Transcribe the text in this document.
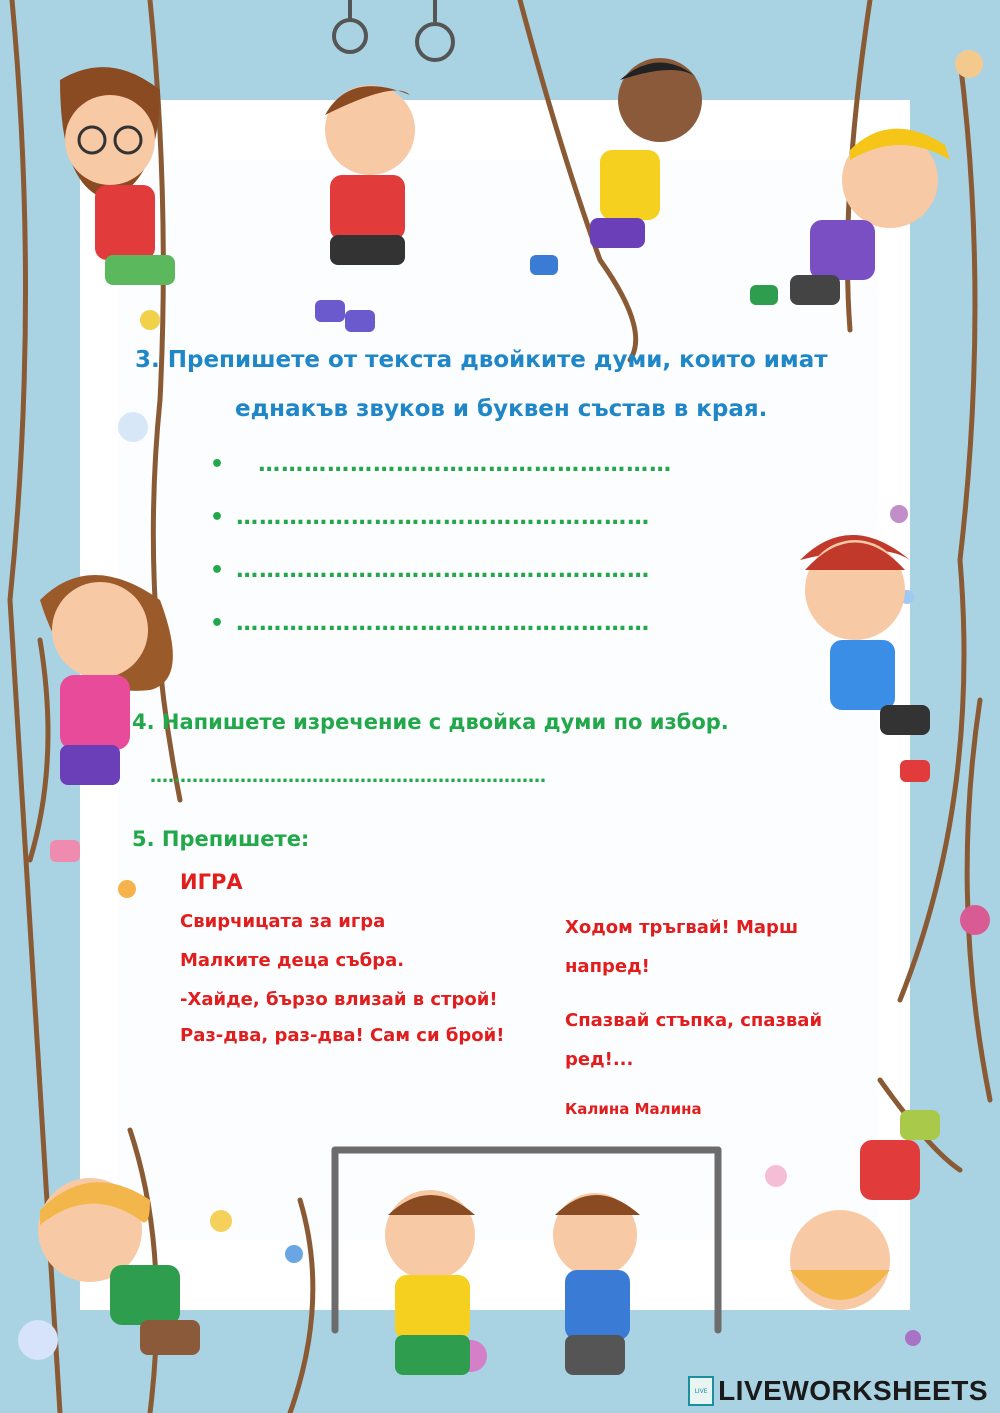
3. Препишете от текста двойките думи, които имат
еднакъв звуков и буквен състав в края.
• ………………………………………………
• ………………………………………………
• ………………………………………………
• ………………………………………………
4. Напишете изречение с двойка думи по избор.
…………………………………………………………
5. Препишете:
ИГРА
Свирчицата за игра
Малките деца събра.
-Хайде, бързо влизай в строй!
Раз-два, раз-два! Сам си брой!
Ходом тръгвай! Марш
напред!
Спазвай стъпка, спазвай
ред!...
Калина Малина
LIVE LIVEWORKSHEETS
